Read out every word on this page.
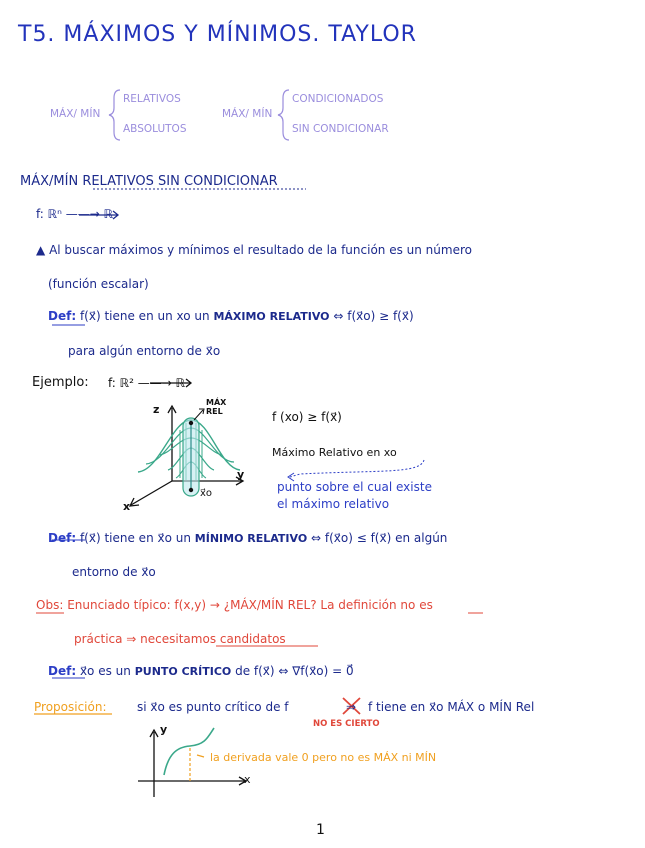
T5. MÁXIMOS Y MÍNIMOS. TAYLOR
MÁX/ MÍN
RELATIVOS
ABSOLUTOS
MÁX/ MÍN
CONDICIONADOS
SIN CONDICIONAR
MÁX/MÍN RELATIVOS SIN CONDICIONAR
f: ℝⁿ ——→ ℝ
▲ Al buscar máximos y mínimos el resultado de la función es un número
(función escalar)
Def: f(x⃗) tiene en un xo un MÁXIMO RELATIVO ⇔ f(x⃗o) ≥ f(x⃗)
para algún entorno de x⃗o
Ejemplo: f: ℝ² ——→ ℝ
z
y
x
x⃗o
MÁX REL	f (xo) ≥ f(x⃗)
Máximo Relativo en xo
punto sobre el cual existe
el máximo relativo
Def: f(x⃗) tiene en x⃗o un MÍNIMO RELATIVO ⇔ f(x⃗o) ≤ f(x⃗) en algún
entorno de x⃗o
Obs: Enunciado típico: f(x,y) → ¿MÁX/MÍN REL? La definición no es
práctica ⇒ necesitamos candidatos
Def: x⃗o es un PUNTO CRÍTICO de f(x⃗) ⇔ ∇f(x⃗o) = 0⃗
Proposición:	si x⃗o es punto crítico de f	⇒ f tiene en x⃗o MÁX o MÍN Rel
NO ES CIERTO
y
x
la derivada vale 0 pero no es MÁX ni MÍN
1
